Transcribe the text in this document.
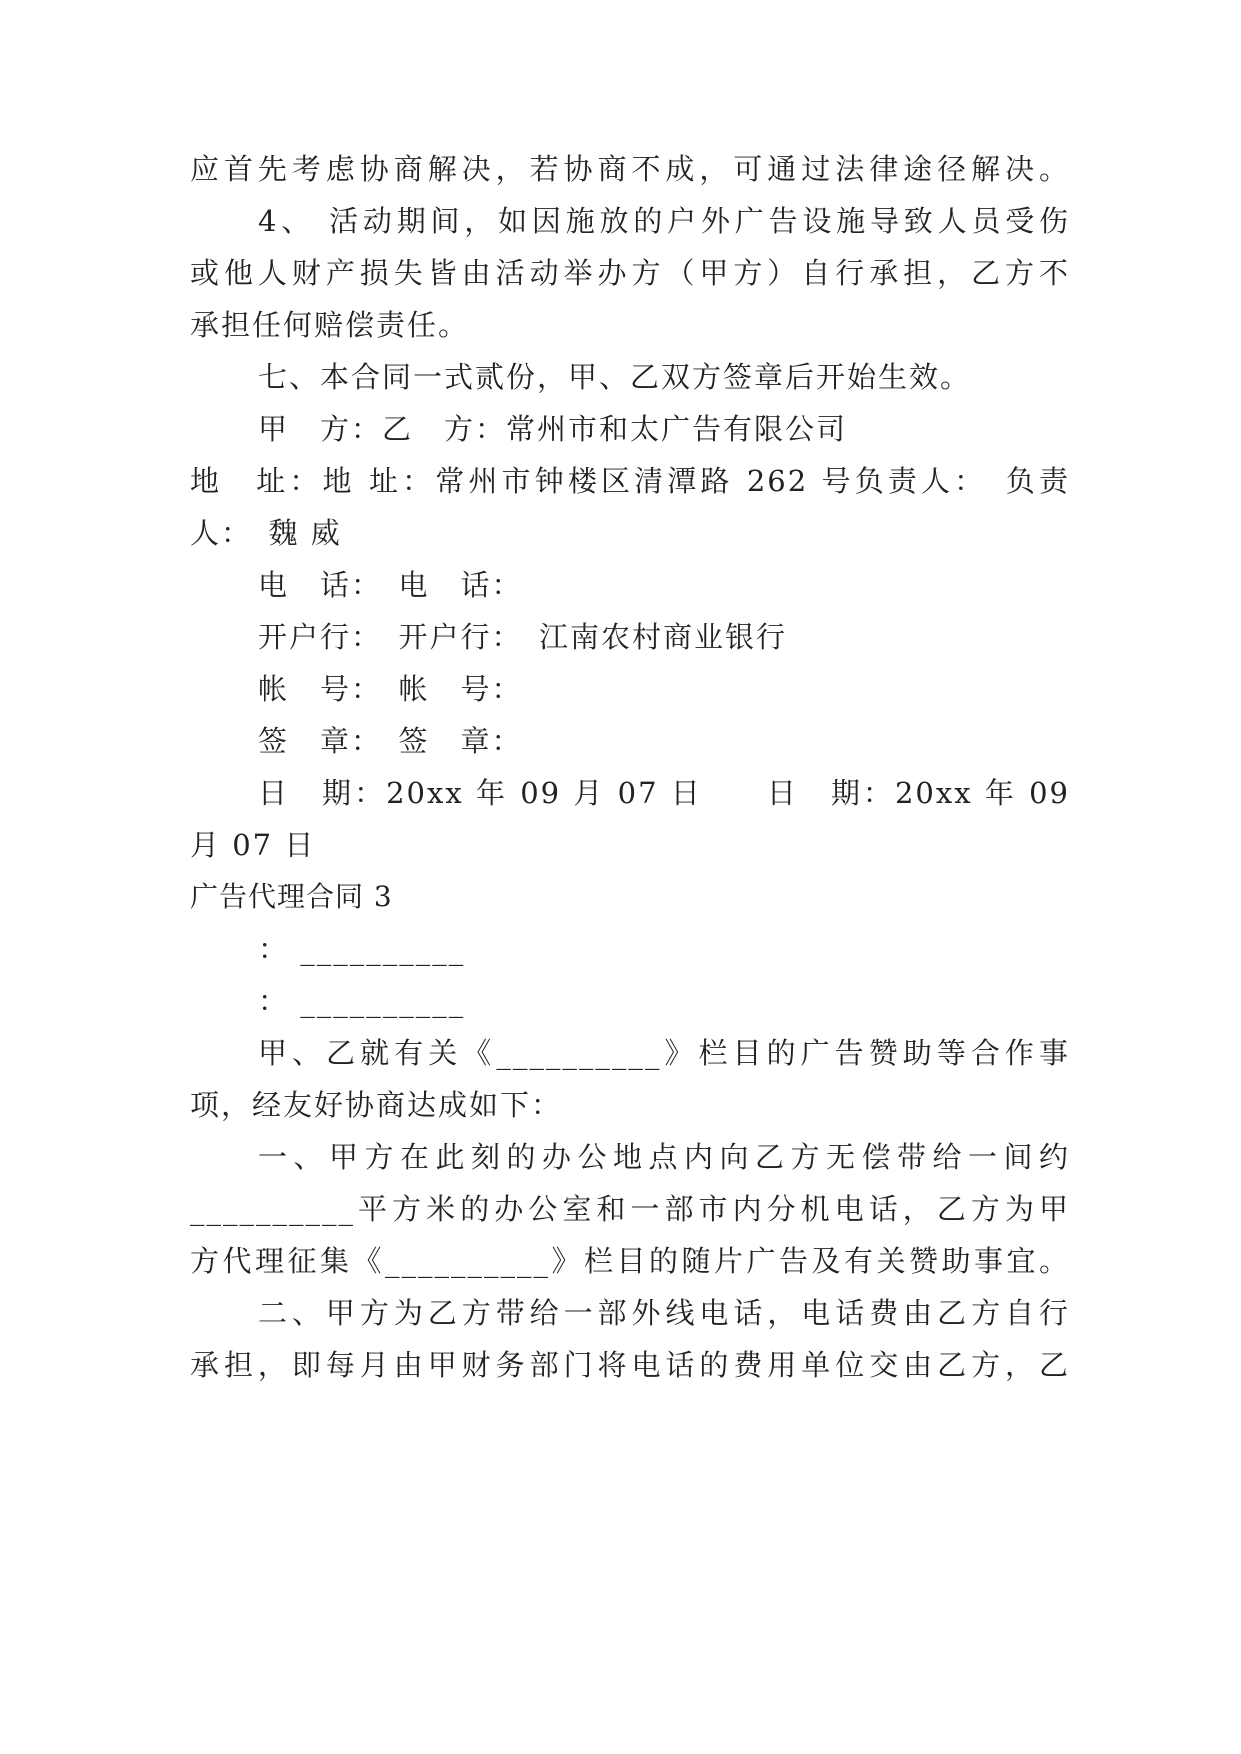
应首先考虑协商解决，若协商不成，可通过法律途径解决。
4、 活动期间，如因施放的户外广告设施导致人员受伤
或他人财产损失皆由活动举办方（甲方）自行承担，乙方不
承担任何赔偿责任。
七、本合同一式贰份，甲、乙双方签章后开始生效。
甲　方：乙　方：常州市和太广告有限公司
地　址：地 址：常州市钟楼区清潭路 262 号负责人：　负责
人：　魏 威
电　话：　电　话：
开户行：　开户行：　江南农村商业银行
帐　号：　帐　号：
签　章：　签　章：
日　期：20xx 年 09 月 07 日　　日　期：20xx 年 09
月 07 日
广告代理合同 3
： __________
： __________
甲、乙就有关《__________》栏目的广告赞助等合作事
项，经友好协商达成如下：
一、甲方在此刻的办公地点内向乙方无偿带给一间约
__________平方米的办公室和一部市内分机电话，乙方为甲
方代理征集《__________》栏目的随片广告及有关赞助事宜。
二、甲方为乙方带给一部外线电话，电话费由乙方自行
承担，即每月由甲财务部门将电话的费用单位交由乙方，乙
